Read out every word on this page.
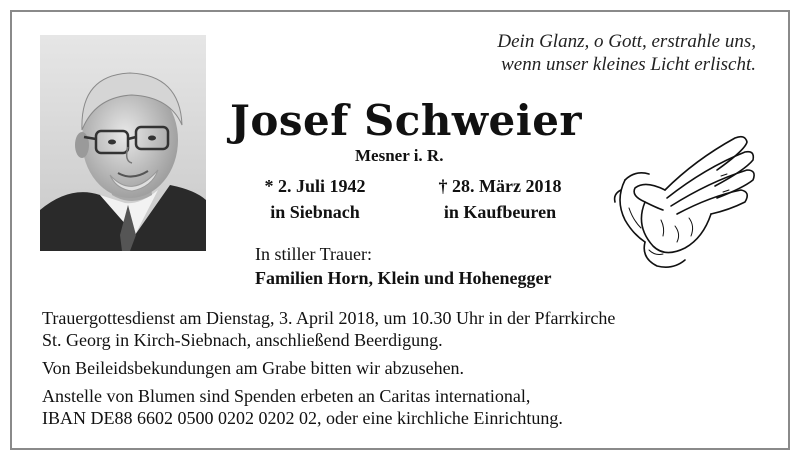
Dein Glanz, o Gott, erstrahle uns,
wenn unser kleines Licht erlischt.
Josef Schweier
Mesner i. R.
* 2. Juli 1942
in Siebnach
† 28. März 2018
in Kaufbeuren
In stiller Trauer:
Familien Horn, Klein und Hohenegger

Trauergottesdienst am Dienstag, 3. April 2018, um 10.30 Uhr in der Pfarrkirche
St. Georg in Kirch-Siebnach, anschließend Beerdigung.

Von Beileidsbekundungen am Grabe bitten wir abzusehen.

Anstelle von Blumen sind Spenden erbeten an Caritas international,
IBAN DE88 6602 0500 0202 0202 02, oder eine kirchliche Einrichtung.
